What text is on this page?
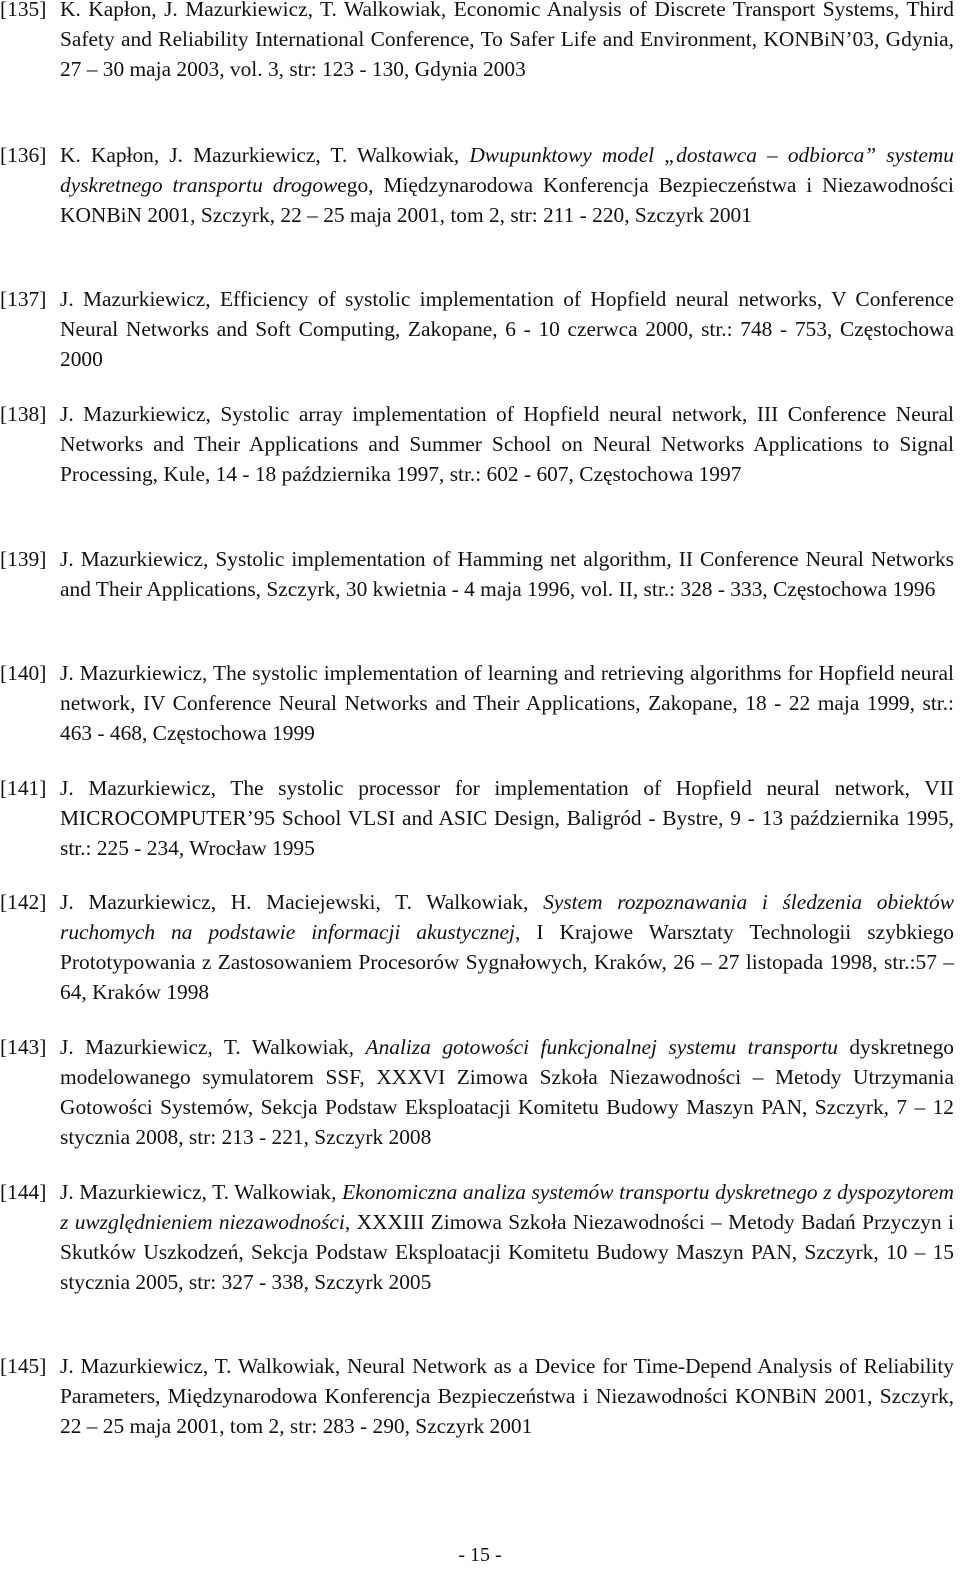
[135] K. Kapłon, J. Mazurkiewicz, T. Walkowiak, Economic Analysis of Discrete Transport Systems, Third Safety and Reliability International Conference, To Safer Life and Environment, KONBiN’03, Gdynia, 27 – 30 maja 2003, vol. 3, str: 123 - 130, Gdynia 2003
[136] K. Kapłon, J. Mazurkiewicz, T. Walkowiak, Dwupunktowy model „dostawca – odbiorca” systemu dyskretnego transportu drogowego, Międzynarodowa Konferencja Bezpieczeństwa i Niezawodności KONBiN 2001, Szczyrk, 22 – 25 maja 2001, tom 2, str: 211 - 220, Szczyrk 2001
[137] J. Mazurkiewicz, Efficiency of systolic implementation of Hopfield neural networks, V Conference Neural Networks and Soft Computing, Zakopane, 6 - 10 czerwca 2000, str.: 748 - 753, Częstochowa 2000
[138] J. Mazurkiewicz, Systolic array implementation of Hopfield neural network, III Conference Neural Networks and Their Applications and Summer School on Neural Networks Applications to Signal Processing, Kule, 14 - 18 października 1997, str.: 602 - 607, Częstochowa 1997
[139] J. Mazurkiewicz, Systolic implementation of Hamming net algorithm, II Conference Neural Networks and Their Applications, Szczyrk, 30 kwietnia - 4 maja 1996, vol. II, str.: 328 - 333, Częstochowa 1996
[140] J. Mazurkiewicz, The systolic implementation of learning and retrieving algorithms for Hopfield neural network, IV Conference Neural Networks and Their Applications, Zakopane, 18 - 22 maja 1999, str.: 463 - 468, Częstochowa 1999
[141] J. Mazurkiewicz, The systolic processor for implementation of Hopfield neural network, VII MICROCOMPUTER’95 School VLSI and ASIC Design, Baligród - Bystre, 9 - 13 października 1995, str.: 225 - 234, Wrocław 1995
[142] J. Mazurkiewicz, H. Maciejewski, T. Walkowiak, System rozpoznawania i śledzenia obiektów ruchomych na podstawie informacji akustycznej, I Krajowe Warsztaty Technologii szybkiego Prototypowania z Zastosowaniem Procesorów Sygnałowych, Kraków, 26 – 27 listopada 1998, str.:57 – 64, Kraków 1998
[143] J. Mazurkiewicz, T. Walkowiak, Analiza gotowości funkcjonalnej systemu transportu dyskretnego modelowanego symulatorem SSF, XXXVI Zimowa Szkoła Niezawodności – Metody Utrzymania Gotowości Systemów, Sekcja Podstaw Eksploatacji Komitetu Budowy Maszyn PAN, Szczyrk, 7 – 12 stycznia 2008, str: 213 - 221, Szczyrk 2008
[144] J. Mazurkiewicz, T. Walkowiak, Ekonomiczna analiza systemów transportu dyskretnego z dyspozytorem z uwzględnieniem niezawodności, XXXIII Zimowa Szkoła Niezawodności – Metody Badań Przyczyn i Skutków Uszkodzeń, Sekcja Podstaw Eksploatacji Komitetu Budowy Maszyn PAN, Szczyrk, 10 – 15 stycznia 2005, str: 327 - 338, Szczyrk 2005
[145] J. Mazurkiewicz, T. Walkowiak, Neural Network as a Device for Time-Depend Analysis of Reliability Parameters, Międzynarodowa Konferencja Bezpieczeństwa i Niezawodności KONBiN 2001, Szczyrk, 22 – 25 maja 2001, tom 2, str: 283 - 290, Szczyrk 2001
- 15 -
